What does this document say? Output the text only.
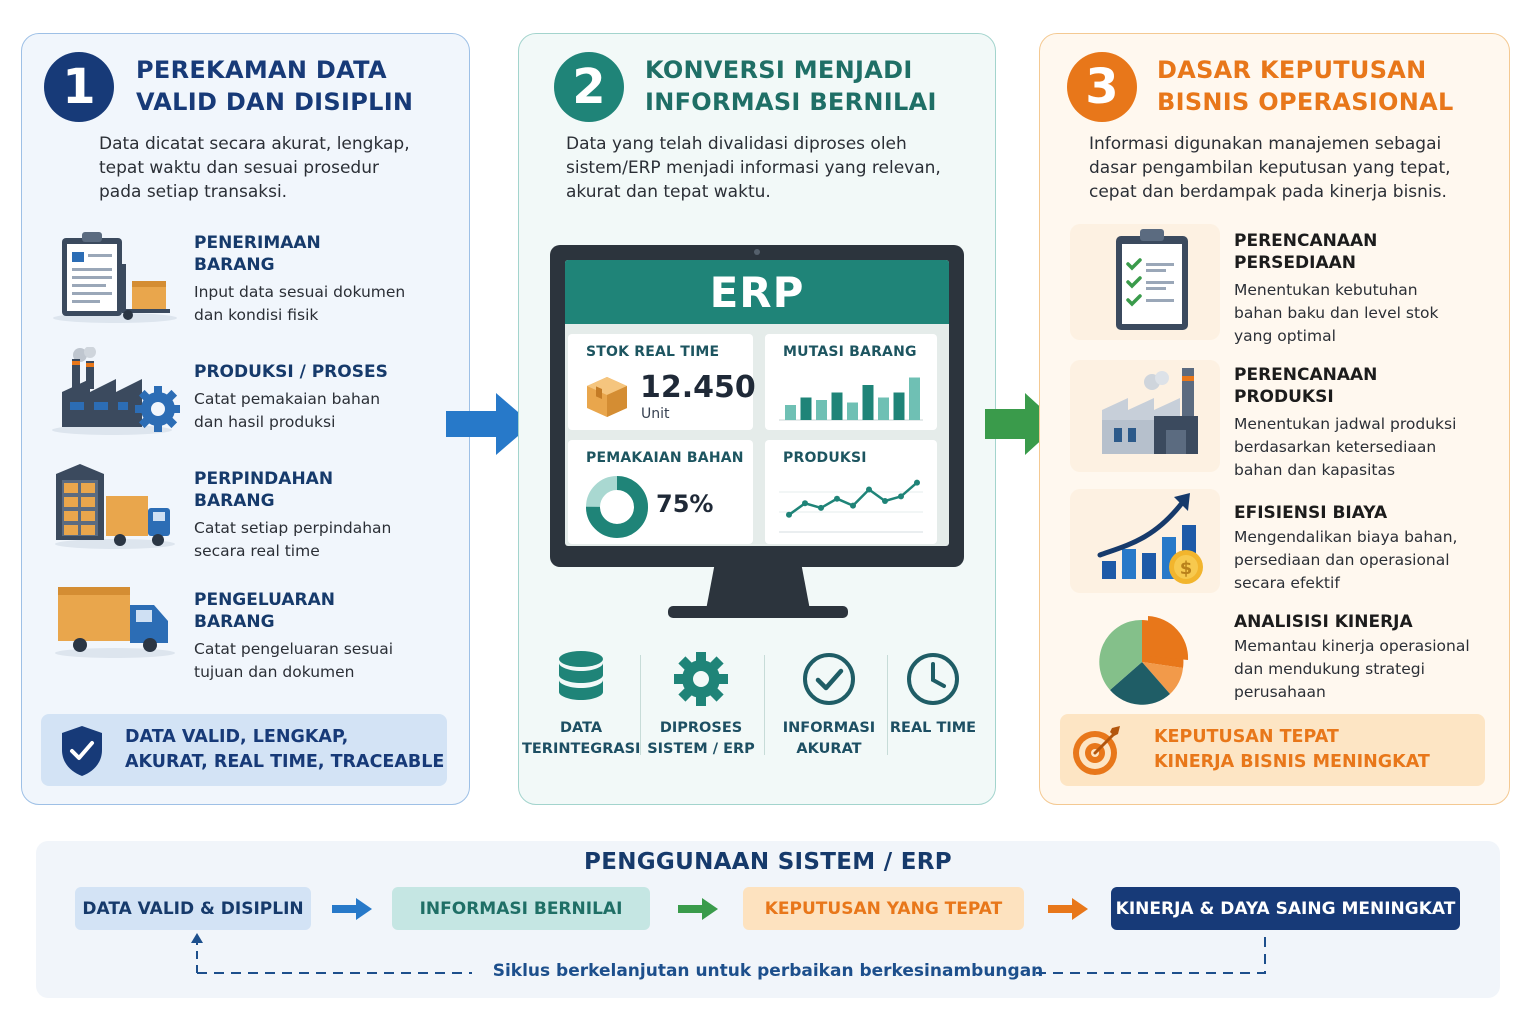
1	PEREKAMAN DATA
VALID DAN DISIPLIN
Data dicatat secara akurat, lengkap,
tepat waktu dan sesuai prosedur
pada setiap transaksi.
PENERIMAAN
BARANG
Input data sesuai dokumen
dan kondisi fisik
PRODUKSI / PROSES
Catat pemakaian bahan
dan hasil produksi
PERPINDAHAN
BARANG
Catat setiap perpindahan
secara real time
PENGELUARAN
BARANG
Catat pengeluaran sesuai
tujuan dan dokumen
DATA VALID, LENGKAP,
AKURAT, REAL TIME, TRACEABLE
2	KONVERSI MENJADI
INFORMASI BERNILAI
Data yang telah divalidasi diproses oleh
sistem/ERP menjadi informasi yang relevan,
akurat dan tepat waktu.
ERP
STOK REAL TIME
12.450
Unit
MUTASI BARANG
PEMAKAIAN BAHAN
75%
PRODUKSI
DATA
TERINTEGRASI
DIPROSES
SISTEM / ERP
INFORMASI
AKURAT
REAL TIME
3	DASAR KEPUTUSAN
BISNIS OPERASIONAL
Informasi digunakan manajemen sebagai
dasar pengambilan keputusan yang tepat,
cepat dan berdampak pada kinerja bisnis.
PERENCANAAN
PERSEDIAAN
Menentukan kebutuhan
bahan baku dan level stok
yang optimal
PERENCANAAN
PRODUKSI
Menentukan jadwal produksi
berdasarkan ketersediaan
bahan dan kapasitas
$
EFISIENSI BIAYA
Mengendalikan biaya bahan,
persediaan dan operasional
secara efektif
ANALISISI KINERJA
Memantau kinerja operasional
dan mendukung strategi
perusahaan
KEPUTUSAN TEPAT
KINERJA BISNIS MENINGKAT
PENGGUNAAN SISTEM / ERP
DATA VALID & DISIPLIN	INFORMASI BERNILAI	KEPUTUSAN YANG TEPAT	KINERJA & DAYA SAING MENINGKAT
Siklus berkelanjutan untuk perbaikan berkesinambungan
